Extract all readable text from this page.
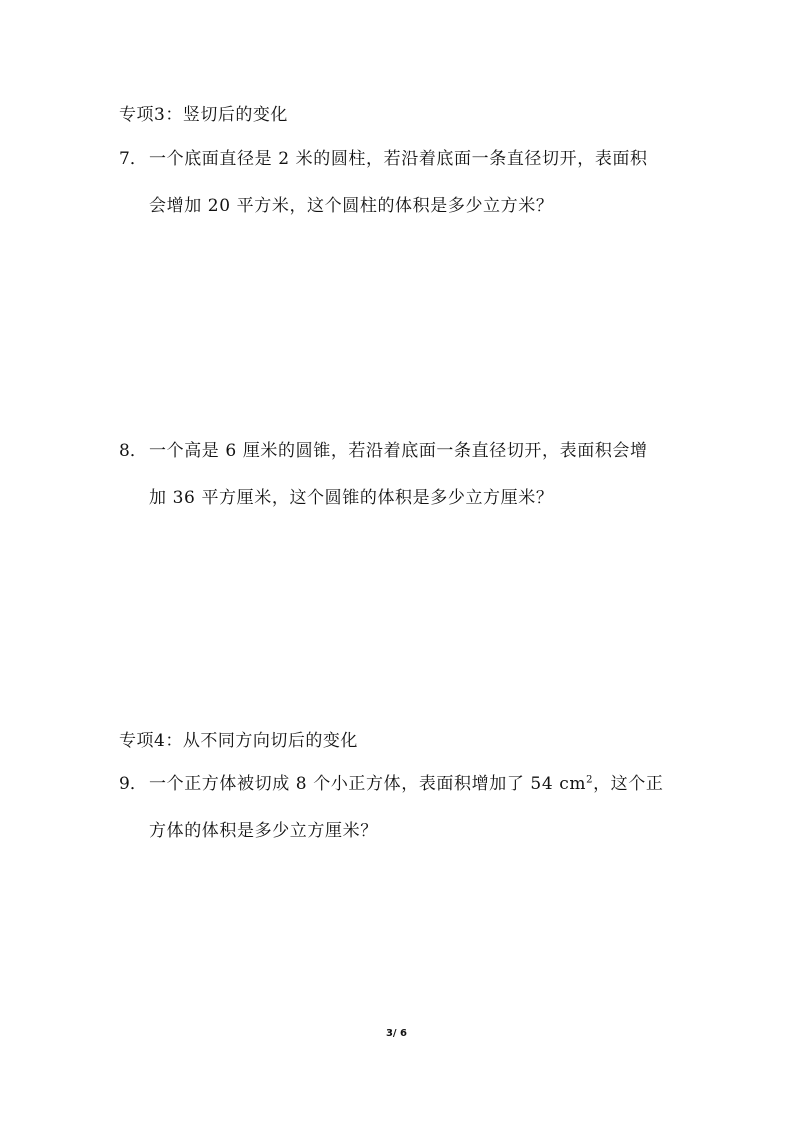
专项3：竖切后的变化
7． 一个底面直径是 2 米的圆柱，若沿着底面一条直径切开，表面积
会增加 20 平方米，这个圆柱的体积是多少立方米？
8． 一个高是 6 厘米的圆锥，若沿着底面一条直径切开，表面积会增
加 36 平方厘米，这个圆锥的体积是多少立方厘米？
专项4：从不同方向切后的变化
9． 一个正方体被切成 8 个小正方体，表面积增加了 54 $cm^2$，这个正
方体的体积是多少立方厘米？
3/ 6
